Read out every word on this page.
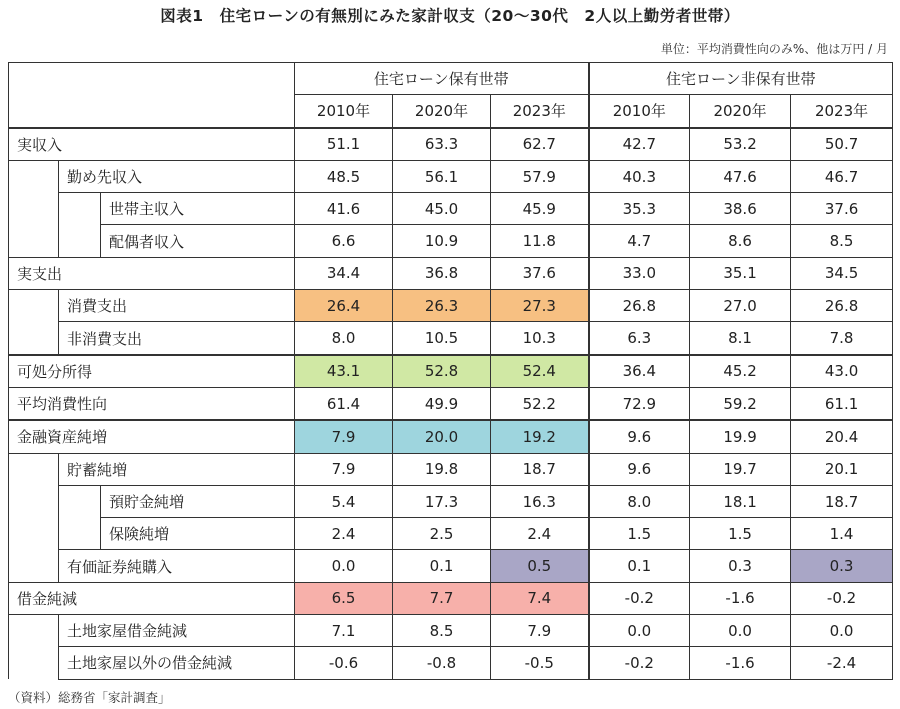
図表1　住宅ローンの有無別にみた家計収支（20～30代　2人以上勤労者世帯）
単位：平均消費性向のみ%、他は万円 / 月
			住宅ローン保有世帯			住宅ローン非保有世帯		
			2010年	2020年	2023年	2010年	2020年	2023年
実収入			51.1	63.3	62.7	42.7	53.2	50.7
	勤め先収入		48.5	56.1	57.9	40.3	47.6	46.7
		世帯主収入	41.6	45.0	45.9	35.3	38.6	37.6
		配偶者収入	6.6	10.9	11.8	4.7	8.6	8.5
実支出			34.4	36.8	37.6	33.0	35.1	34.5
	消費支出		26.4	26.3	27.3	26.8	27.0	26.8
	非消費支出		8.0	10.5	10.3	6.3	8.1	7.8
可処分所得			43.1	52.8	52.4	36.4	45.2	43.0
平均消費性向			61.4	49.9	52.2	72.9	59.2	61.1
金融資産純増			7.9	20.0	19.2	9.6	19.9	20.4
	貯蓄純増		7.9	19.8	18.7	9.6	19.7	20.1
		預貯金純増	5.4	17.3	16.3	8.0	18.1	18.7
		保険純増	2.4	2.5	2.4	1.5	1.5	1.4
	有価証券純購入		0.0	0.1	0.5	0.1	0.3	0.3
借金純減			6.5	7.7	7.4	-0.2	-1.6	-0.2
	土地家屋借金純減		7.1	8.5	7.9	0.0	0.0	0.0
	土地家屋以外の借金純減		-0.6	-0.8	-0.5	-0.2	-1.6	-2.4
（資料）総務省「家計調査」
